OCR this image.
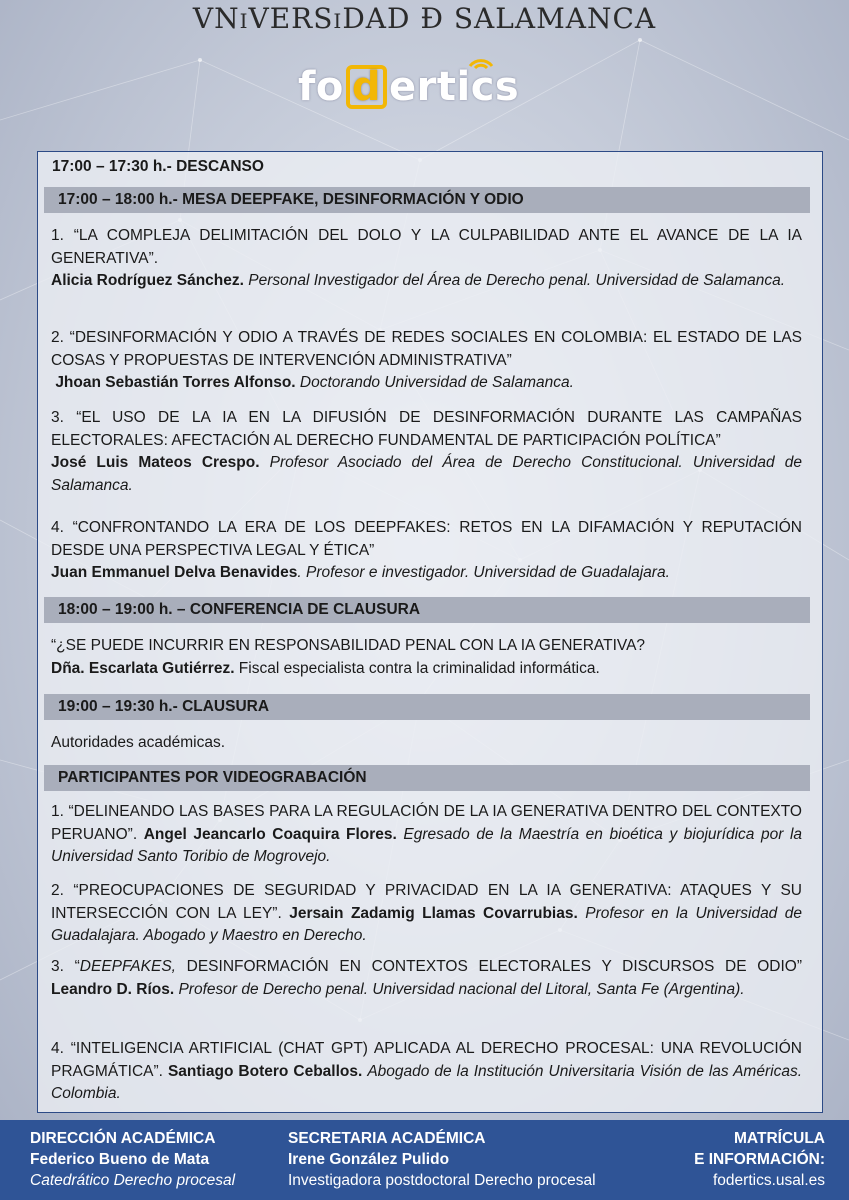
VNiVERSiDAD Ð SALAMANCA
fo d ertics
17:00 – 17:30 h.- DESCANSO
17:00 – 18:00 h.- MESA DEEPFAKE, DESINFORMACIÓN Y ODIO
1. “LA COMPLEJA DELIMITACIÓN DEL DOLO Y LA CULPABILIDAD ANTE EL AVANCE DE LA IA GENERATIVA”.
Alicia Rodríguez Sánchez. Personal Investigador del Área de Derecho penal. Universidad de Salamanca.
2. “DESINFORMACIÓN Y ODIO A TRAVÉS DE REDES SOCIALES EN COLOMBIA: EL ESTADO DE LAS COSAS Y PROPUESTAS DE INTERVENCIÓN ADMINISTRATIVA”
Jhoan Sebastián Torres Alfonso. Doctorando Universidad de Salamanca.
3. “EL USO DE LA IA EN LA DIFUSIÓN DE DESINFORMACIÓN DURANTE LAS CAMPAÑAS ELECTORALES: AFECTACIÓN AL DERECHO FUNDAMENTAL DE PARTICIPACIÓN POLÍTICA”
José Luis Mateos Crespo. Profesor Asociado del Área de Derecho Constitucional. Universidad de Salamanca.
4. “CONFRONTANDO LA ERA DE LOS DEEPFAKES: RETOS EN LA DIFAMACIÓN Y REPUTACIÓN DESDE UNA PERSPECTIVA LEGAL Y ÉTICA”
Juan Emmanuel Delva Benavides. Profesor e investigador. Universidad de Guadalajara.
18:00 – 19:00 h. – CONFERENCIA DE CLAUSURA
“¿SE PUEDE INCURRIR EN RESPONSABILIDAD PENAL CON LA IA GENERATIVA?
Dña. Escarlata Gutiérrez. Fiscal especialista contra la criminalidad informática.
19:00 – 19:30 h.- CLAUSURA
Autoridades académicas.
PARTICIPANTES POR VIDEOGRABACIÓN
1. “DELINEANDO LAS BASES PARA LA REGULACIÓN DE LA IA GENERATIVA DENTRO DEL CONTEXTO PERUANO”. Angel Jeancarlo Coaquira Flores. Egresado de la Maestría en bioética y biojurídica por la Universidad Santo Toribio de Mogrovejo.
2. “PREOCUPACIONES DE SEGURIDAD Y PRIVACIDAD EN LA IA GENERATIVA: ATAQUES Y SU INTERSECCIÓN CON LA LEY”. Jersain Zadamig Llamas Covarrubias. Profesor en la Universidad de Guadalajara. Abogado y Maestro en Derecho.
3. “DEEPFAKES, DESINFORMACIÓN EN CONTEXTOS ELECTORALES Y DISCURSOS DE ODIO” Leandro D. Ríos. Profesor de Derecho penal. Universidad nacional del Litoral, Santa Fe (Argentina).
4. “INTELIGENCIA ARTIFICIAL (CHAT GPT) APLICADA AL DERECHO PROCESAL: UNA REVOLUCIÓN PRAGMÁTICA”. Santiago Botero Ceballos. Abogado de la Institución Universitaria Visión de las Américas. Colombia.
DIRECCIÓN ACADÉMICA
Federico Bueno de Mata
Catedrático Derecho procesal
SECRETARIA ACADÉMICA
Irene González Pulido
Investigadora postdoctoral Derecho procesal
MATRÍCULA
E INFORMACIÓN:
fodertics.usal.es
